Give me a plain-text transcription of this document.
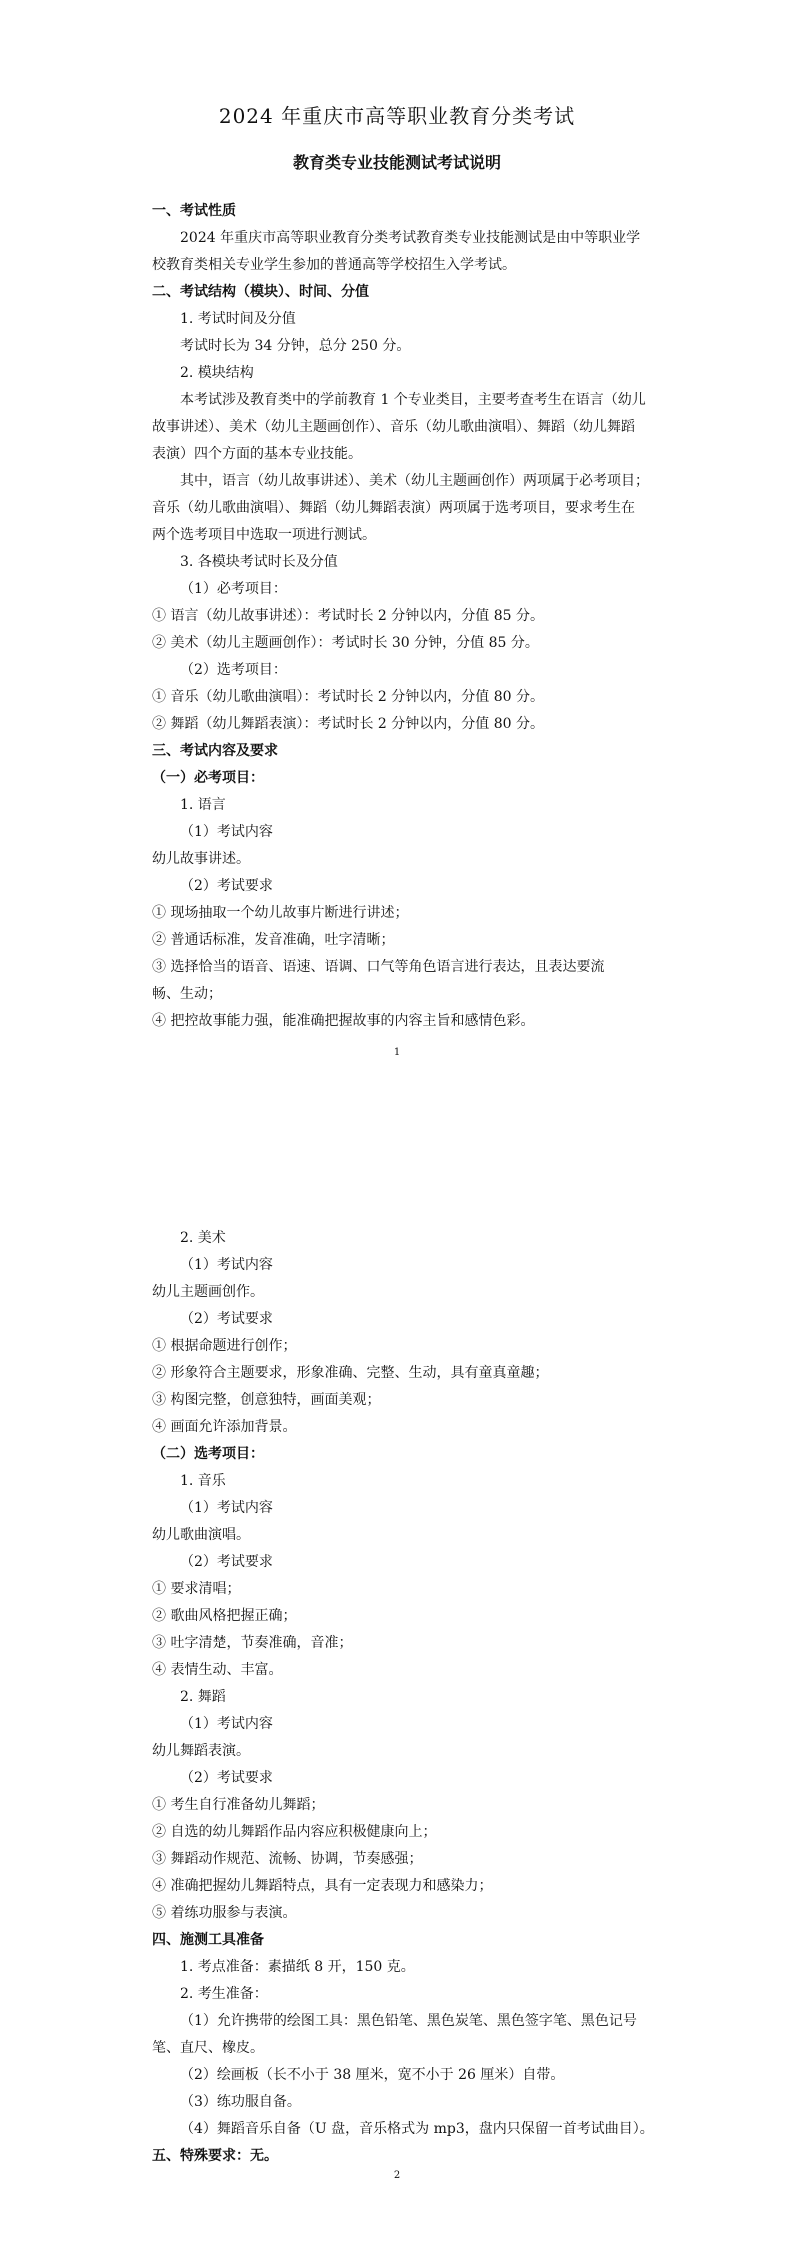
2024 年重庆市高等职业教育分类考试
教育类专业技能测试考试说明
一、考试性质
2024 年重庆市高等职业教育分类考试教育类专业技能测试是由中等职业学
校教育类相关专业学生参加的普通高等学校招生入学考试。
二、考试结构（模块）、时间、分值
1. 考试时间及分值
考试时长为 34 分钟，总分 250 分。
2. 模块结构
本考试涉及教育类中的学前教育 1 个专业类目，主要考查考生在语言（幼儿
故事讲述）、美术（幼儿主题画创作）、音乐（幼儿歌曲演唱）、舞蹈（幼儿舞蹈
表演）四个方面的基本专业技能。
其中，语言（幼儿故事讲述）、美术（幼儿主题画创作）两项属于必考项目；
音乐（幼儿歌曲演唱）、舞蹈（幼儿舞蹈表演）两项属于选考项目，要求考生在
两个选考项目中选取一项进行测试。
3. 各模块考试时长及分值
（1）必考项目：
① 语言（幼儿故事讲述）：考试时长 2 分钟以内，分值 85 分。
② 美术（幼儿主题画创作）：考试时长 30 分钟，分值 85 分。
（2）选考项目：
① 音乐（幼儿歌曲演唱）：考试时长 2 分钟以内，分值 80 分。
② 舞蹈（幼儿舞蹈表演）：考试时长 2 分钟以内，分值 80 分。
三、考试内容及要求
（一）必考项目：
1. 语言
（1）考试内容
幼儿故事讲述。
（2）考试要求
① 现场抽取一个幼儿故事片断进行讲述；
② 普通话标准，发音准确，吐字清晰；
③ 选择恰当的语音、语速、语调、口气等角色语言进行表达，且表达要流
畅、生动；
④ 把控故事能力强，能准确把握故事的内容主旨和感情色彩。
1
2. 美术
（1）考试内容
幼儿主题画创作。
（2）考试要求
① 根据命题进行创作；
② 形象符合主题要求，形象准确、完整、生动，具有童真童趣；
③ 构图完整，创意独特，画面美观；
④ 画面允许添加背景。
（二）选考项目：
1. 音乐
（1）考试内容
幼儿歌曲演唱。
（2）考试要求
① 要求清唱；
② 歌曲风格把握正确；
③ 吐字清楚，节奏准确，音准；
④ 表情生动、丰富。
2. 舞蹈
（1）考试内容
幼儿舞蹈表演。
（2）考试要求
① 考生自行准备幼儿舞蹈；
② 自选的幼儿舞蹈作品内容应积极健康向上；
③ 舞蹈动作规范、流畅、协调，节奏感强；
④ 准确把握幼儿舞蹈特点，具有一定表现力和感染力；
⑤ 着练功服参与表演。
四、施测工具准备
1. 考点准备：素描纸 8 开，150 克。
2. 考生准备：
（1）允许携带的绘图工具：黑色铅笔、黑色炭笔、黑色签字笔、黑色记号
笔、直尺、橡皮。
（2）绘画板（长不小于 38 厘米，宽不小于 26 厘米）自带。
（3）练功服自备。
（4）舞蹈音乐自备（U 盘，音乐格式为 mp3，盘内只保留一首考试曲目）。
五、特殊要求：无。
2
